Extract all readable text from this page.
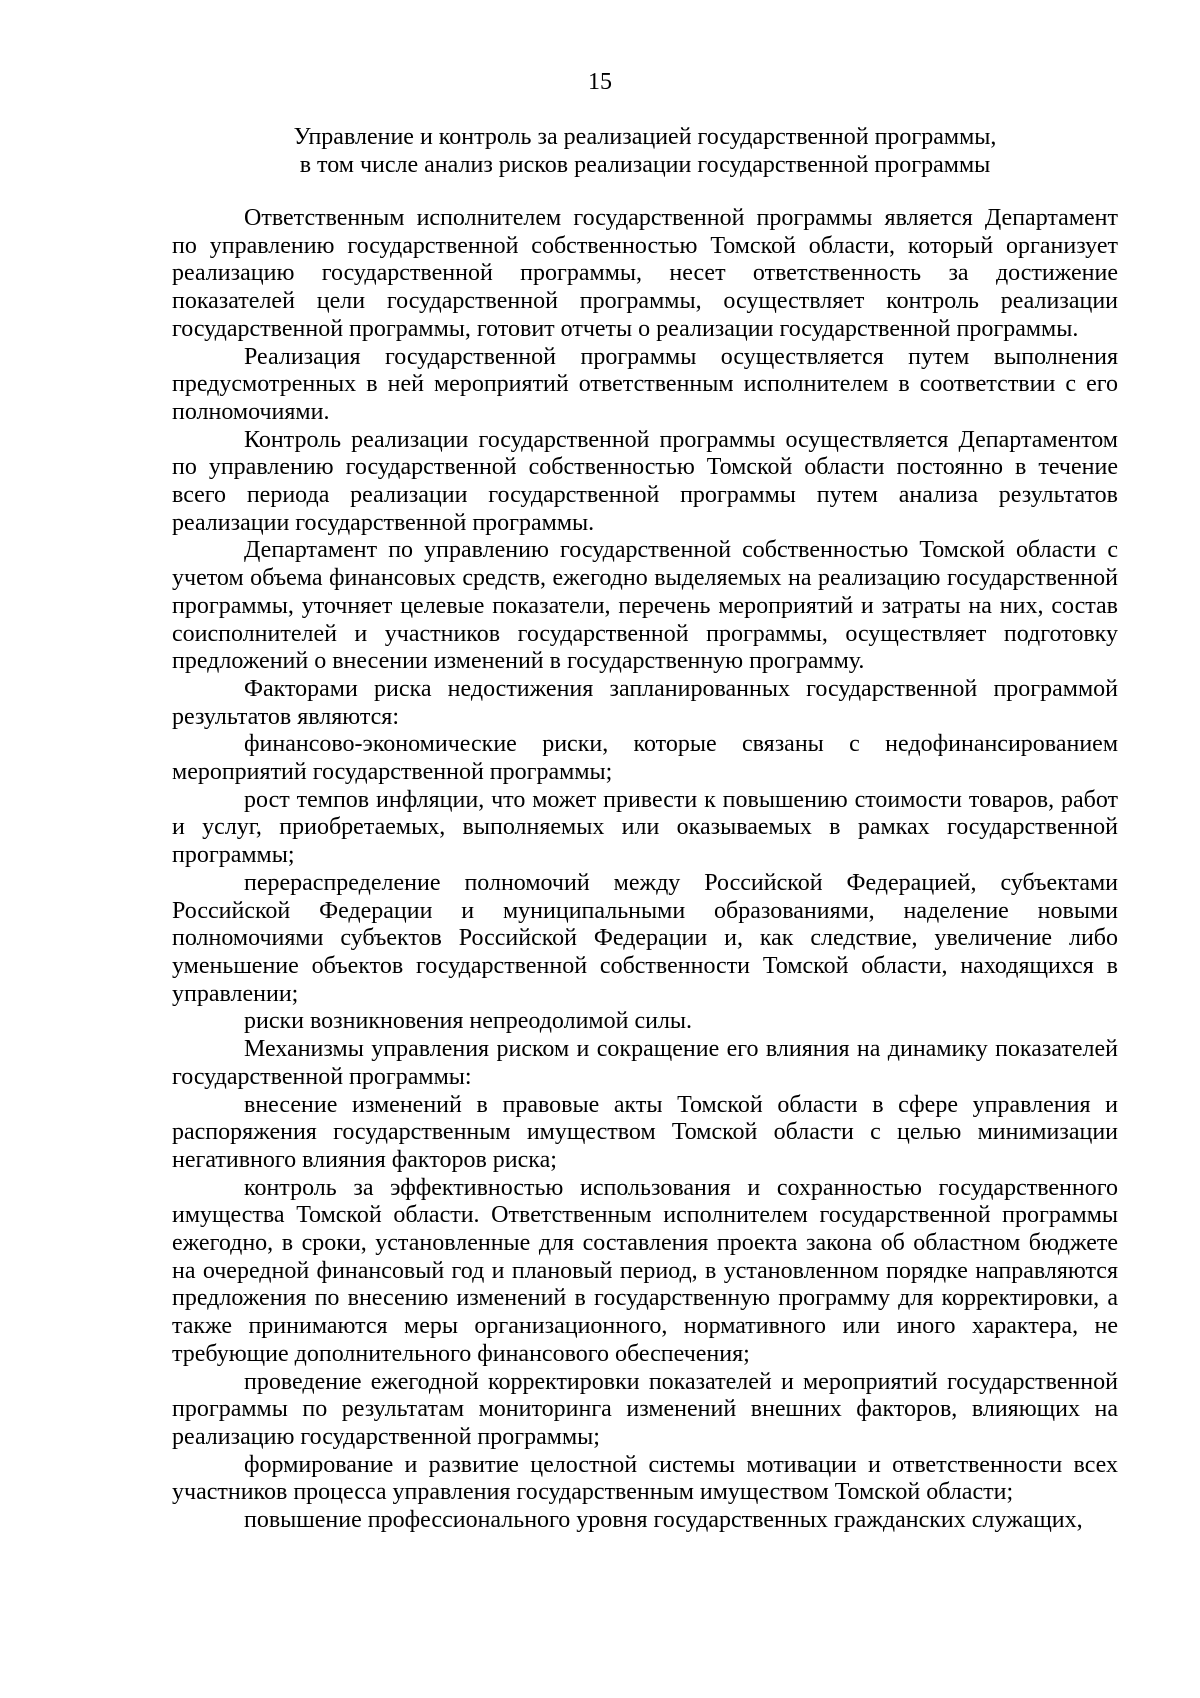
15
Управление и контроль за реализацией государственной программы,
в том числе анализ рисков реализации государственной программы

Ответственным исполнителем государственной программы является Департамент по управлению государственной собственностью Томской области, который организует реализацию государственной программы, несет ответственность за достижение показателей цели государственной программы, осуществляет контроль реализации государственной программы, готовит отчеты о реализации государственной программы.

Реализация государственной программы осуществляется путем выполнения предусмотренных в ней мероприятий ответственным исполнителем в соответствии с его полномочиями.

Контроль реализации государственной программы осуществляется Департаментом по управлению государственной собственностью Томской области постоянно в течение всего периода реализации государственной программы путем анализа результатов реализации государственной программы.

Департамент по управлению государственной собственностью Томской области с учетом объема финансовых средств, ежегодно выделяемых на реализацию государственной программы, уточняет целевые показатели, перечень мероприятий и затраты на них, состав соисполнителей и участников государственной программы, осуществляет подготовку предложений о внесении изменений в государственную программу.

Факторами риска недостижения запланированных государственной программой результатов являются:

финансово-экономические риски, которые связаны с недофинансированием мероприятий государственной программы;

рост темпов инфляции, что может привести к повышению стоимости товаров, работ и услуг, приобретаемых, выполняемых или оказываемых в рамках государственной программы;

перераспределение полномочий между Российской Федерацией, субъектами Российской Федерации и муниципальными образованиями, наделение новыми полномочиями субъектов Российской Федерации и, как следствие, увеличение либо уменьшение объектов государственной собственности Томской области, находящихся в управлении;

риски возникновения непреодолимой силы.

Механизмы управления риском и сокращение его влияния на динамику показателей государственной программы:

внесение изменений в правовые акты Томской области в сфере управления и распоряжения государственным имуществом Томской области с целью минимизации негативного влияния факторов риска;

контроль за эффективностью использования и сохранностью государственного имущества Томской области. Ответственным исполнителем государственной программы ежегодно, в сроки, установленные для составления проекта закона об областном бюджете на очередной финансовый год и плановый период, в установленном порядке направляются предложения по внесению изменений в государственную программу для корректировки, а также принимаются меры организационного, нормативного или иного характера, не требующие дополнительного финансового обеспечения;

проведение ежегодной корректировки показателей и мероприятий государственной программы по результатам мониторинга изменений внешних факторов, влияющих на реализацию государственной программы;

формирование и развитие целостной системы мотивации и ответственности всех участников процесса управления государственным имуществом Томской области;

повышение профессионального уровня государственных гражданских служащих,
